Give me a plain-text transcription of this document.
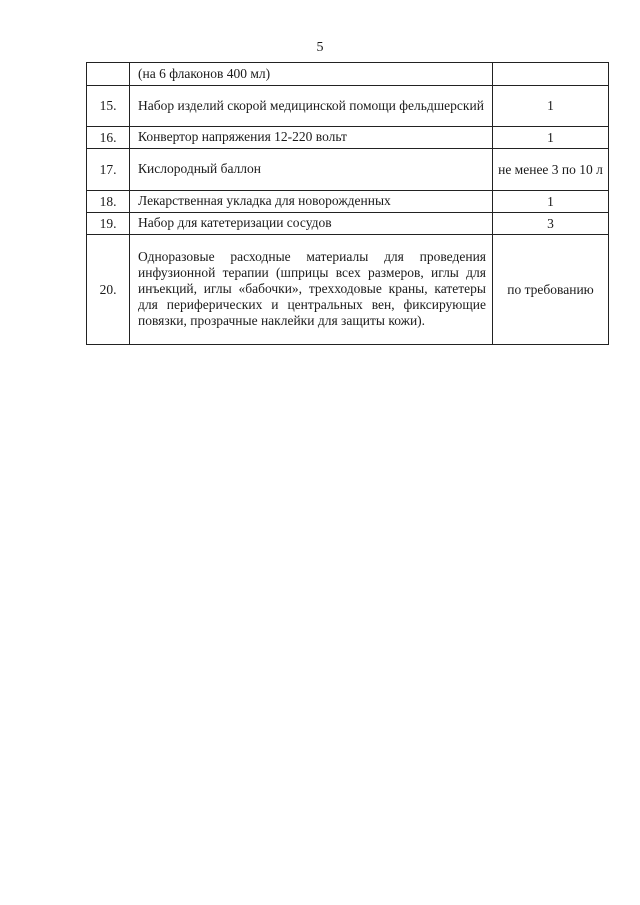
5
	(на 6 флаконов 400 мл)	
15.	Набор изделий скорой медицинской помощи фельдшерский	1
16.	Конвертор напряжения 12-220 вольт	1
17.	Кислородный баллон	не менее 3 по 10 л
18.	Лекарственная укладка для новорожденных	1
19.	Набор для катетеризации сосудов	3
20.	Одноразовые расходные материалы для проведения инфузионной терапии (шприцы всех размеров, иглы для инъекций, иглы «бабочки», трехходовые краны, катетеры для периферических и центральных вен, фиксирующие повязки, прозрачные наклейки для защиты кожи).	по требованию
